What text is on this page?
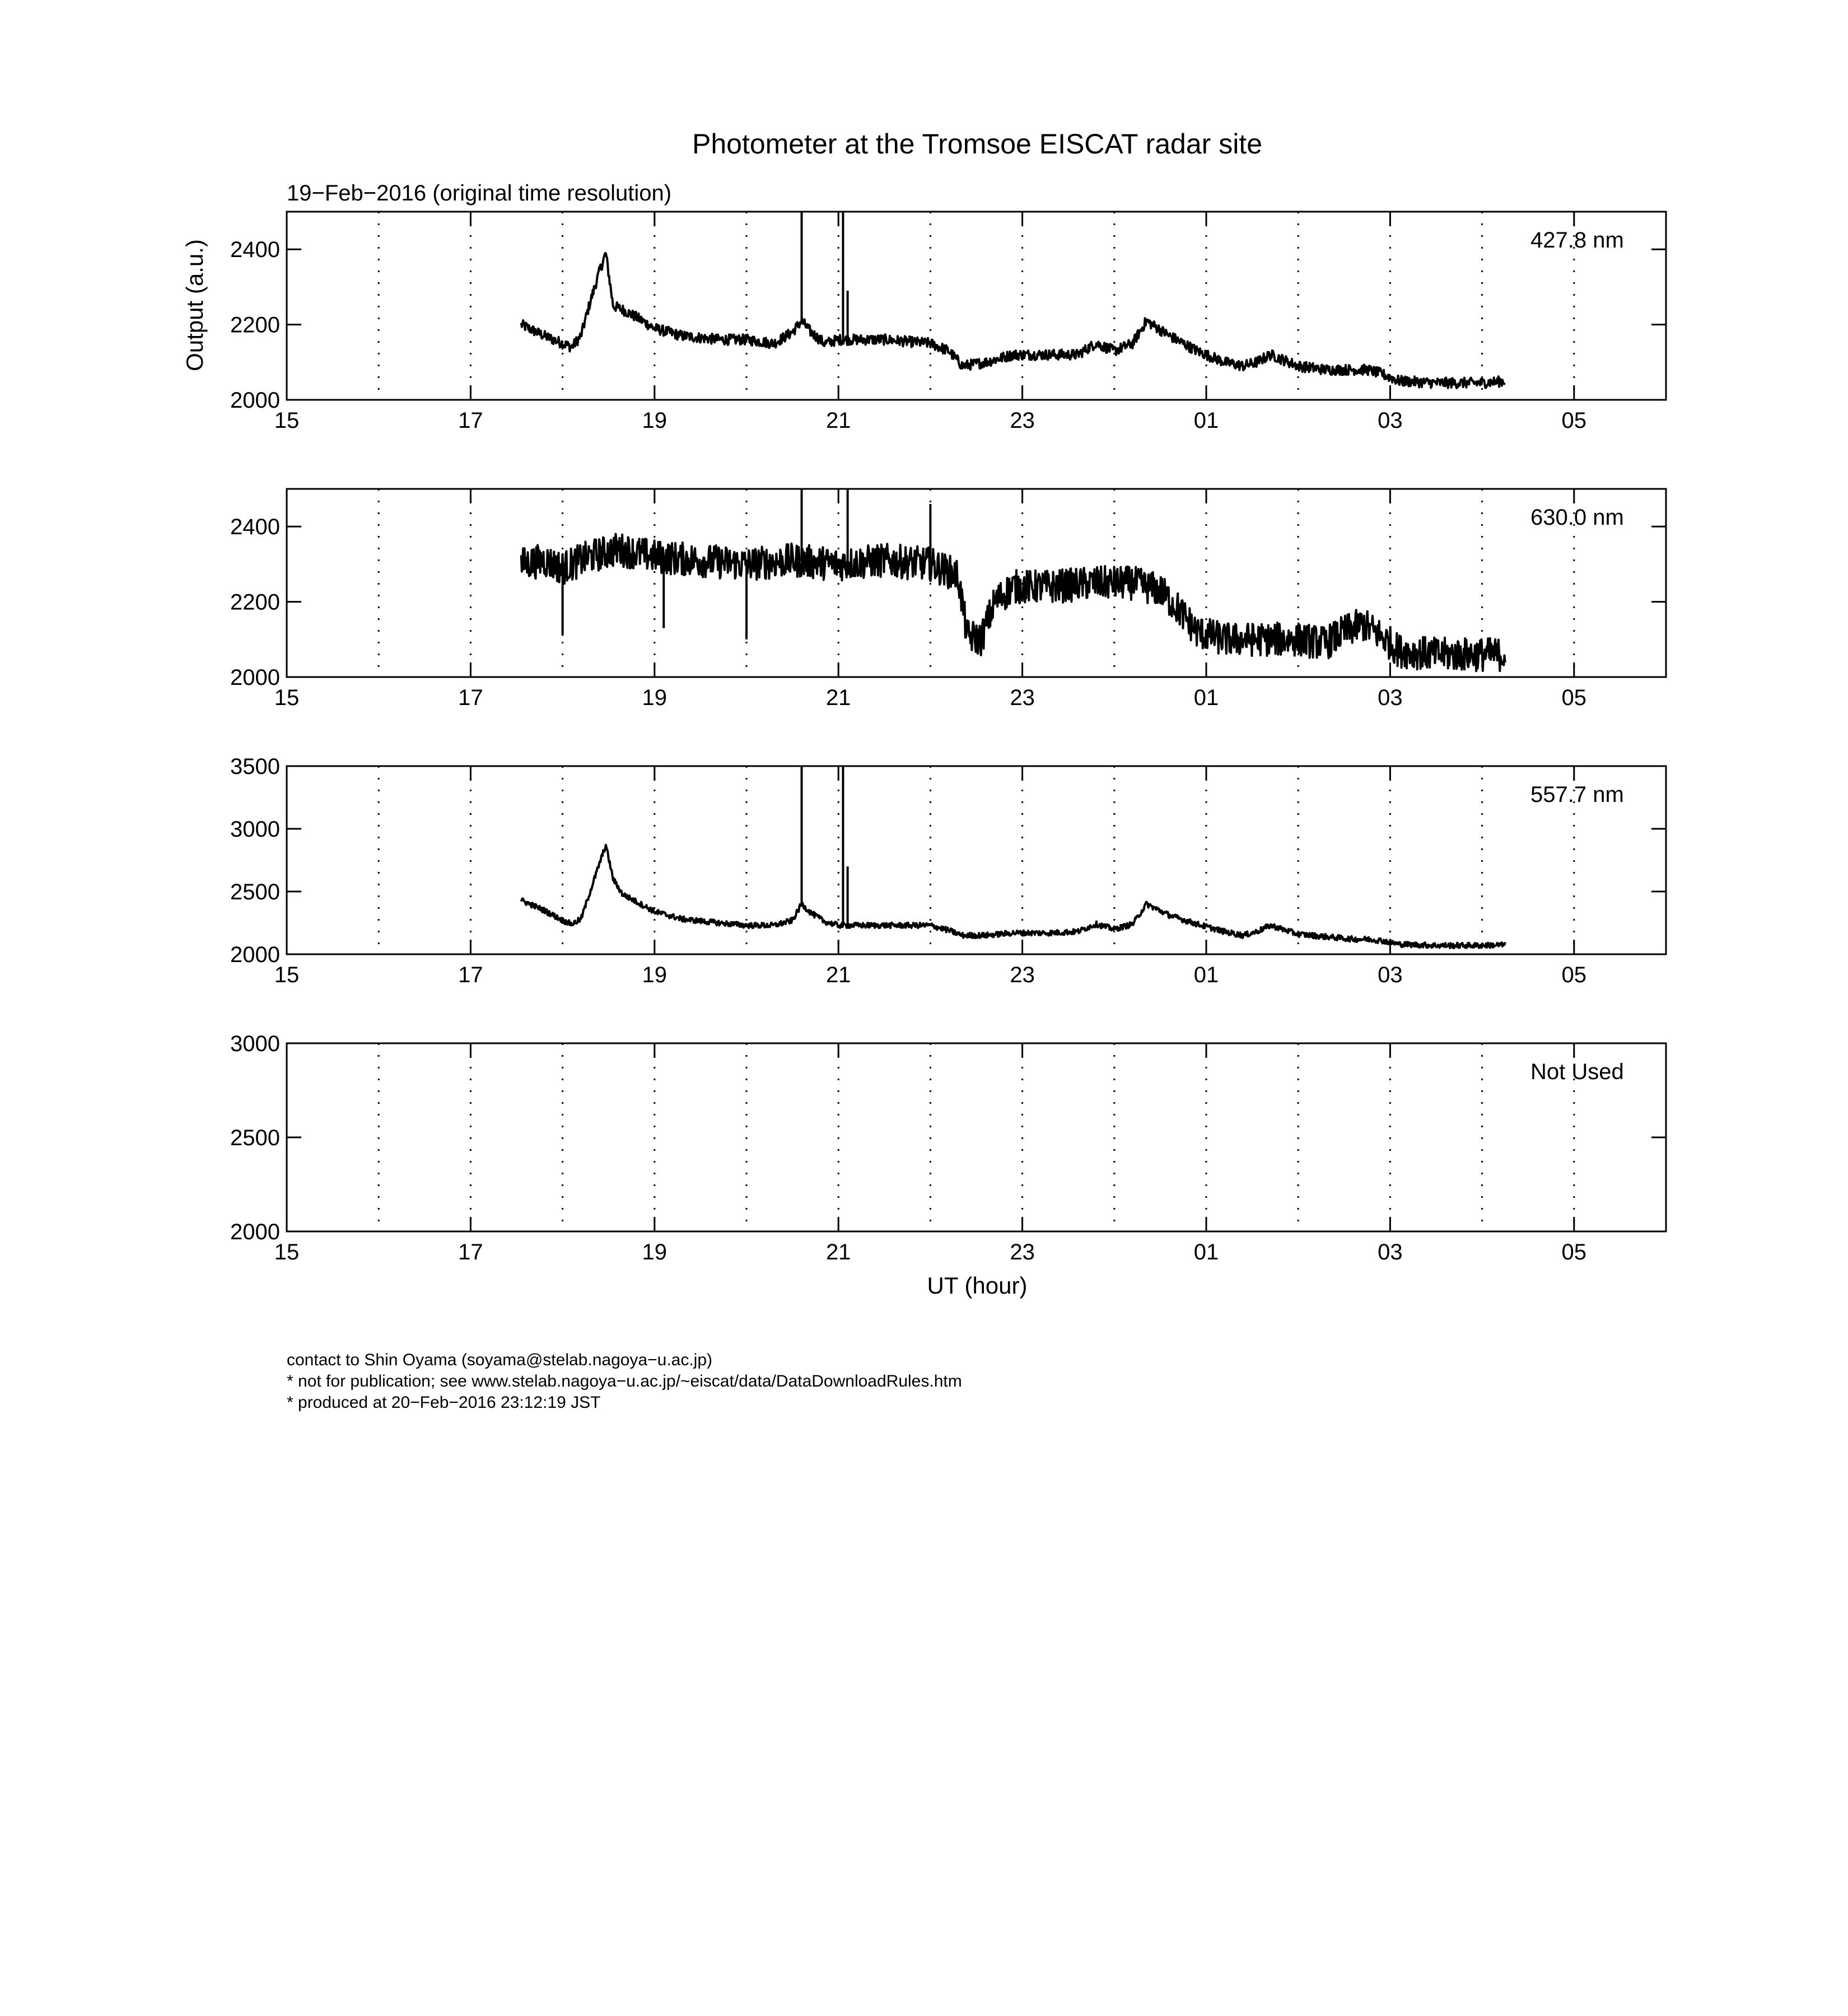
Photometer at the Tromsoe EISCAT radar site
19−Feb−2016 (original time resolution)
Output (a.u.)
UT (hour)
15	17	19	21	23	01	03	05
2000
2200
2400	427.8 nm
15	17	19	21	23	01	03	05
2000
2200
2400	630.0 nm
15	17	19	21	23	01	03	05
2000
2500
3000
3500
557.7 nm
15	17	19	21	23	01	03	05
2000
2500
3000
Not Used
contact to Shin Oyama (soyama@stelab.nagoya−u.ac.jp)
* not for publication; see www.stelab.nagoya−u.ac.jp/~eiscat/data/DataDownloadRules.htm
* produced at 20−Feb−2016 23:12:19 JST
